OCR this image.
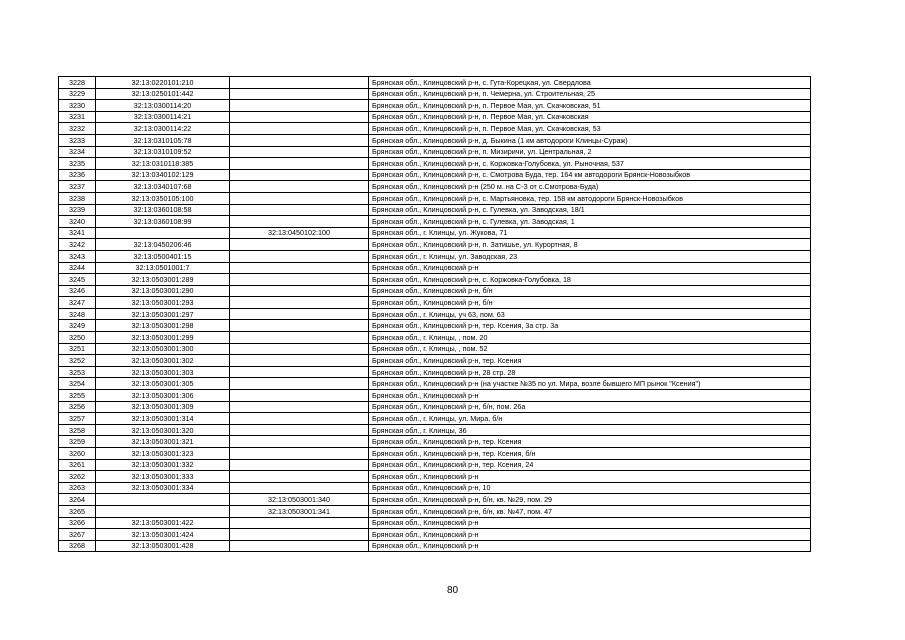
3228	32:13:0220101:210		Брянская обл., Клинцовский р-н, с. Гута-Корецкая, ул. Свердлова
3229	32:13:0250101:442		Брянская обл., Клинцовский р-н, п. Чемерна, ул. Строительная, 25
3230	32:13:0300114:20		Брянская обл., Клинцовский р-н, п. Первое Мая, ул. Скачковская, 51
3231	32:13:0300114:21		Брянская обл., Клинцовский р-н, п. Первое Мая, ул. Скачковская
3232	32:13:0300114:22		Брянская обл., Клинцовский р-н, п. Первое Мая, ул. Скачковская, 53
3233	32:13:0310105:78		Брянская обл., Клинцовский р-н, д. Быкина (1 км автодороги Клинцы-Сураж)
3234	32:13:0310109:52		Брянская обл., Клинцовский р-н, п. Мизиричи, ул. Центральная, 2
3235	32:13:0310118:385		Брянская обл., Клинцовский р-н, с. Коржовка-Голубовка, ул. Рыночная, 537
3236	32:13:0340102:129		Брянская обл., Клинцовский р-н, с. Смотрова Буда, тер. 164 км автодороги Брянск-Новозыбков
3237	32:13:0340107:68		Брянская обл., Клинцовский р-н (250 м. на С-З от с.Смотрова-Буда)
3238	32:13:0350105:100		Брянская обл., Клинцовский р-н, с. Мартьяновка, тер. 158 км автодороги Брянск-Новозыбков
3239	32:13:0360108:58		Брянская обл., Клинцовский р-н, с. Гулевка, ул. Заводская, 18/1
3240	32:13:0360108:99		Брянская обл., Клинцовский р-н, с. Гулевка, ул. Заводская, 1
3241		32:13:0450102:100	Брянская обл., г. Клинцы, ул. Жукова, 71
3242	32:13:0450206:46		Брянская обл., Клинцовский р-н, п. Затишье, ул. Курортная, 8
3243	32:13:0500401:15		Брянская обл., г. Клинцы, ул. Заводская, 23
3244	32:13:0501001:7		Брянская обл., Клинцовский р-н
3245	32:13:0503001:289		Брянская обл., Клинцовский р-н, с. Коржовка-Голубовка, 18
3246	32:13:0503001:290		Брянская обл., Клинцовский р-н, б/н
3247	32:13:0503001:293		Брянская обл., Клинцовский р-н, б/н
3248	32:13:0503001:297		Брянская обл., г. Клинцы, уч 63, пом. 63
3249	32:13:0503001:298		Брянская обл., Клинцовский р-н, тер. Ксения, 3а стр. 3а
3250	32:13:0503001:299		Брянская обл., г. Клинцы, , пом. 20
3251	32:13:0503001:300		Брянская обл., г. Клинцы, , пом. 52
3252	32:13:0503001:302		Брянская обл., Клинцовский р-н, тер. Ксения
3253	32:13:0503001:303		Брянская обл., Клинцовский р-н, 28 стр. 28
3254	32:13:0503001:305		Брянская обл., Клинцовский р-н (на участке №35 по ул. Мира, возле бывшего МП рынок "Ксения")
3255	32:13:0503001:306		Брянская обл., Клинцовский р-н
3256	32:13:0503001:309		Брянская обл., Клинцовский р-н, б/н, пом. 26а
3257	32:13:0503001:314		Брянская обл., г. Клинцы, ул. Мира, б/н
3258	32:13:0503001:320		Брянская обл., г. Клинцы, 36
3259	32:13:0503001:321		Брянская обл., Клинцовский р-н, тер. Ксения
3260	32:13:0503001:323		Брянская обл., Клинцовский р-н, тер. Ксения, б/н
3261	32:13:0503001:332		Брянская обл., Клинцовский р-н, тер. Ксения, 24
3262	32:13:0503001:333		Брянская обл., Клинцовский р-н
3263	32:13:0503001:334		Брянская обл., Клинцовский р-н, 10
3264		32:13:0503001:340	Брянская обл., Клинцовский р-н, б/н, кв. №29, пом. 29
3265		32:13:0503001:341	Брянская обл., Клинцовский р-н, б/н, кв. №47, пом. 47
3266	32:13:0503001:422		Брянская обл., Клинцовский р-н
3267	32:13:0503001:424		Брянская обл., Клинцовский р-н
3268	32:13:0503001:428		Брянская обл., Клинцовский р-н
80
